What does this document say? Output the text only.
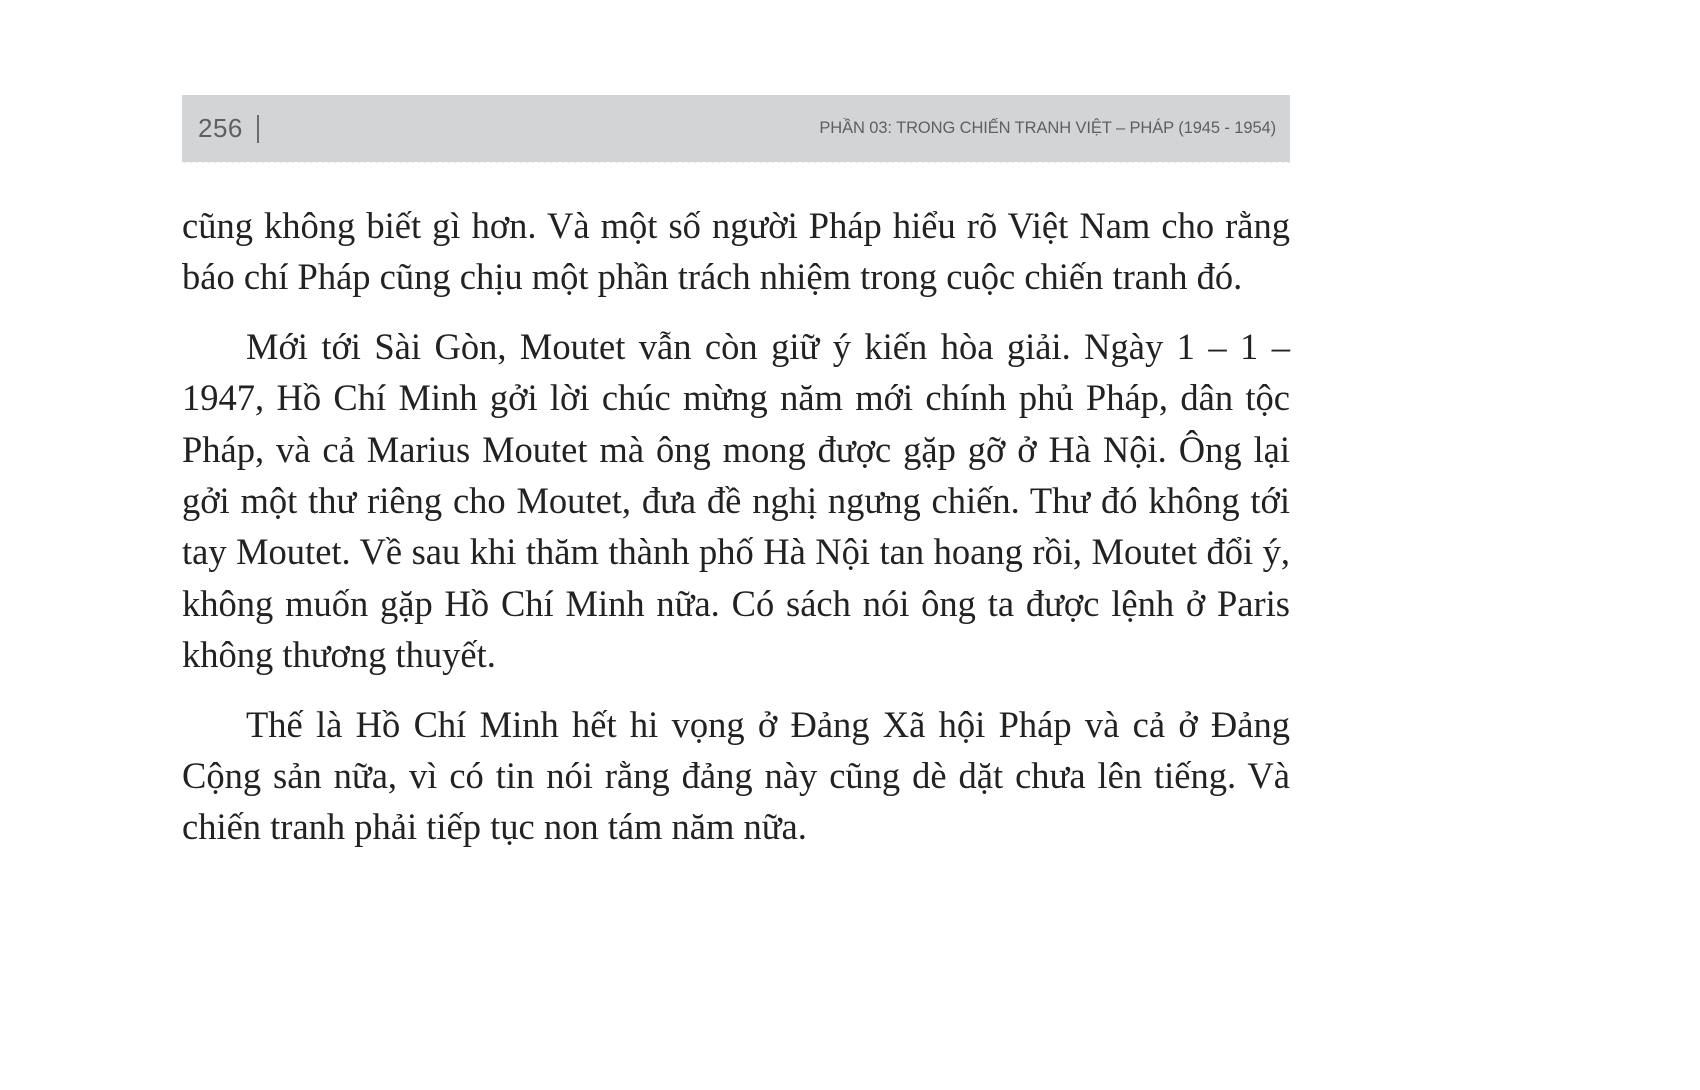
256	PHẦN 03: TRONG CHIẾN TRANH VIỆT – PHÁP (1945 - 1954)

cũng không biết gì hơn. Và một số người Pháp hiểu rõ Việt Nam cho rằng báo chí Pháp cũng chịu một phần trách nhiệm trong cuộc chiến tranh đó.

Mới tới Sài Gòn, Moutet vẫn còn giữ ý kiến hòa giải. Ngày 1 – 1 – 1947, Hồ Chí Minh gởi lời chúc mừng năm mới chính phủ Pháp, dân tộc Pháp, và cả Marius Moutet mà ông mong được gặp gỡ ở Hà Nội. Ông lại gởi một thư riêng cho Moutet, đưa đề nghị ngưng chiến. Thư đó không tới tay Moutet. Về sau khi thăm thành phố Hà Nội tan hoang rồi, Moutet đổi ý, không muốn gặp Hồ Chí Minh nữa. Có sách nói ông ta được lệnh ở Paris không thương thuyết.

Thế là Hồ Chí Minh hết hi vọng ở Đảng Xã hội Pháp và cả ở Đảng Cộng sản nữa, vì có tin nói rằng đảng này cũng dè dặt chưa lên tiếng. Và chiến tranh phải tiếp tục non tám năm nữa.
